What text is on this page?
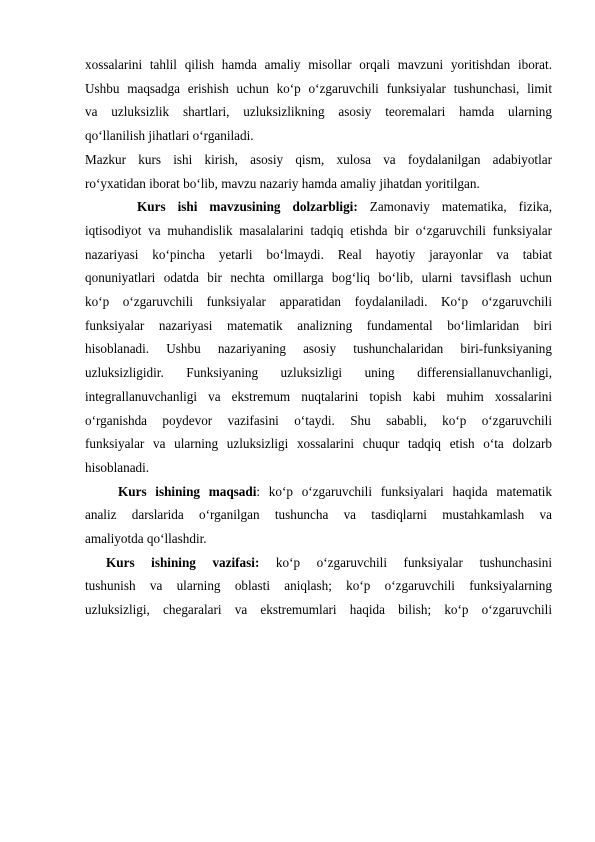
xossalarini tahlil qilish hamda amaliy misollar orqali mavzuni yoritishdan iborat.

Ushbu maqsadga erishish uchun ko‘p o‘zgaruvchili funksiyalar tushunchasi, limit

va uzluksizlik shartlari, uzluksizlikning asosiy teoremalari hamda ularning

qo‘llanilish jihatlari o‘rganiladi.

Mazkur kurs ishi kirish, asosiy qism, xulosa va foydalanilgan adabiyotlar

ro‘yxatidan iborat bo‘lib, mavzu nazariy hamda amaliy jihatdan yoritilgan.

Kurs ishi mavzusining dolzarbligi: Zamonaviy matematika, fizika,

iqtisodiyot va muhandislik masalalarini tadqiq etishda bir o‘zgaruvchili funksiyalar

nazariyasi ko‘pincha yetarli bo‘lmaydi. Real hayotiy jarayonlar va tabiat

qonuniyatlari odatda bir nechta omillarga bog‘liq bo‘lib, ularni tavsiflash uchun

ko‘p o‘zgaruvchili funksiyalar apparatidan foydalaniladi. Ko‘p o‘zgaruvchili

funksiyalar nazariyasi matematik analizning fundamental bo‘limlaridan biri

hisoblanadi. Ushbu nazariyaning asosiy tushunchalaridan biri-funksiyaning

uzluksizligidir. Funksiyaning uzluksizligi uning differensiallanuvchanligi,

integrallanuvchanligi va ekstremum nuqtalarini topish kabi muhim xossalarini

o‘rganishda poydevor vazifasini o‘taydi. Shu sababli, ko‘p o‘zgaruvchili

funksiyalar va ularning uzluksizligi xossalarini chuqur tadqiq etish o‘ta dolzarb

hisoblanadi.

Kurs ishining maqsadi: ko‘p o‘zgaruvchili funksiyalari haqida matematik

analiz darslarida o‘rganilgan tushuncha va tasdiqlarni mustahkamlash va

amaliyotda qo‘llashdir.

Kurs ishining vazifasi: ko‘p o‘zgaruvchili funksiyalar tushunchasini

tushunish va ularning oblasti aniqlash; ko‘p o‘zgaruvchili funksiyalarning

uzluksizligi, chegaralari va ekstremumlari haqida bilish; ko‘p o‘zgaruvchili
